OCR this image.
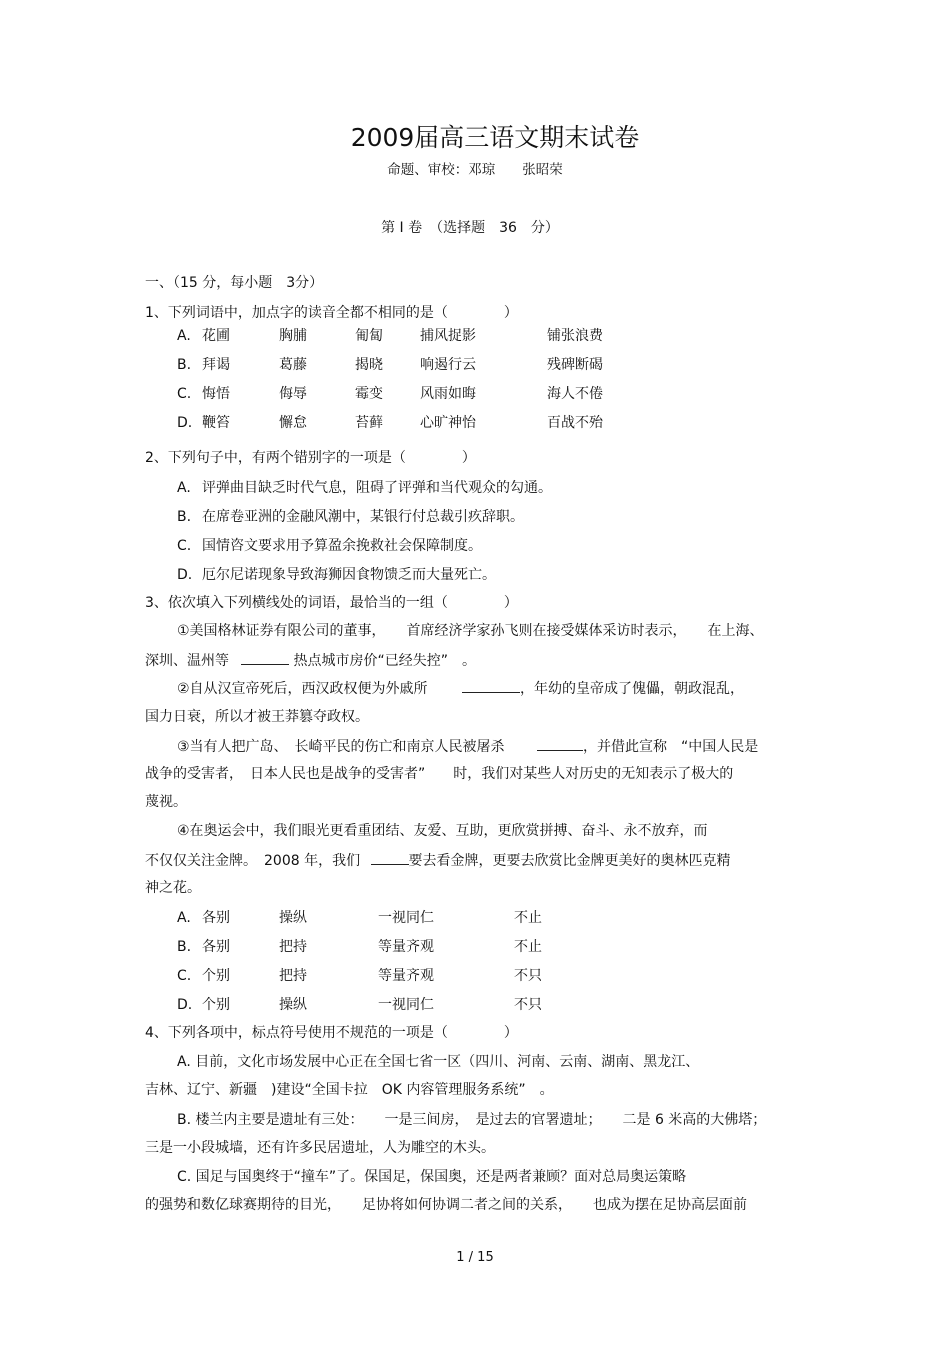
2009届高三语文期末试卷
命题、审校：邓琼　　张昭荣
第 Ⅰ 卷　（选择题　36　分）
一、（15 分，每小题　3分）
1、下列词语中，加点字的读音全都不相同的是（　　　　）
A. 花圃	胸脯	匍匐	捕风捉影	铺张浪费
B. 拜谒	葛藤	揭晓	响遏行云	残碑断碣
C. 悔悟	侮辱	霉变	风雨如晦	海人不倦
D. 鞭笞	懈怠	苔藓	心旷神怡	百战不殆
2、下列句子中，有两个错别字的一项是（　　　　）
A. 评弹曲目缺乏时代气息，阻碍了评弹和当代观众的勾通。
B. 在席卷亚洲的金融风潮中，某银行付总裁引疚辞职。
C. 国情咨文要求用予算盈余挽救社会保障制度。
D. 厄尔尼诺现象导致海狮因食物馈乏而大量死亡。
3、依次填入下列横线处的词语，最恰当的一组（　　　　）
①美国格林证券有限公司的董事，　　首席经济学家孙飞则在接受媒体采访时表示，　　在上海、
深圳、温州等	热点城市房价“已经失控”　。
②自从汉宣帝死后，西汉政权便为外戚所	，年幼的皇帝成了傀儡，朝政混乱，
国力日衰，所以才被王莽篡夺政权。
③当有人把广岛、　长崎平民的伤亡和南京人民被屠杀	，并借此宣称　“中国人民是
战争的受害者，　日本人民也是战争的受害者”　　时，我们对某些人对历史的无知表示了极大的
蔑视。
④在奥运会中，我们眼光更看重团结、友爱、互助，更欣赏拼搏、奋斗、永不放弃，而
不仅仅关注金牌。　2008 年，我们	要去看金牌，更要去欣赏比金牌更美好的奥林匹克精
神之花。
A. 各别	操纵	一视同仁	不止
B. 各别	把持	等量齐观	不止
C. 个别	把持	等量齐观	不只
D. 个别	操纵	一视同仁	不只
4、下列各项中，标点符号使用不规范的一项是（　　　　）
A. 目前，文化市场发展中心正在全国七省一区（四川、河南、云南、湖南、黑龙江、
吉林、辽宁、新疆　)建设“全国卡拉　OK 内容管理服务系统”　。
B. 楼兰内主要是遗址有三处：　　一是三间房，　是过去的官署遗址；　　二是 6 米高的大佛塔；
三是一小段城墙，还有许多民居遗址，人为雕空的木头。
C. 国足与国奥终于“撞车”了。保国足，保国奥，还是两者兼顾？面对总局奥运策略
的强势和数亿球赛期待的目光，　　足协将如何协调二者之间的关系，　　也成为摆在足协高层面前
1 / 15
